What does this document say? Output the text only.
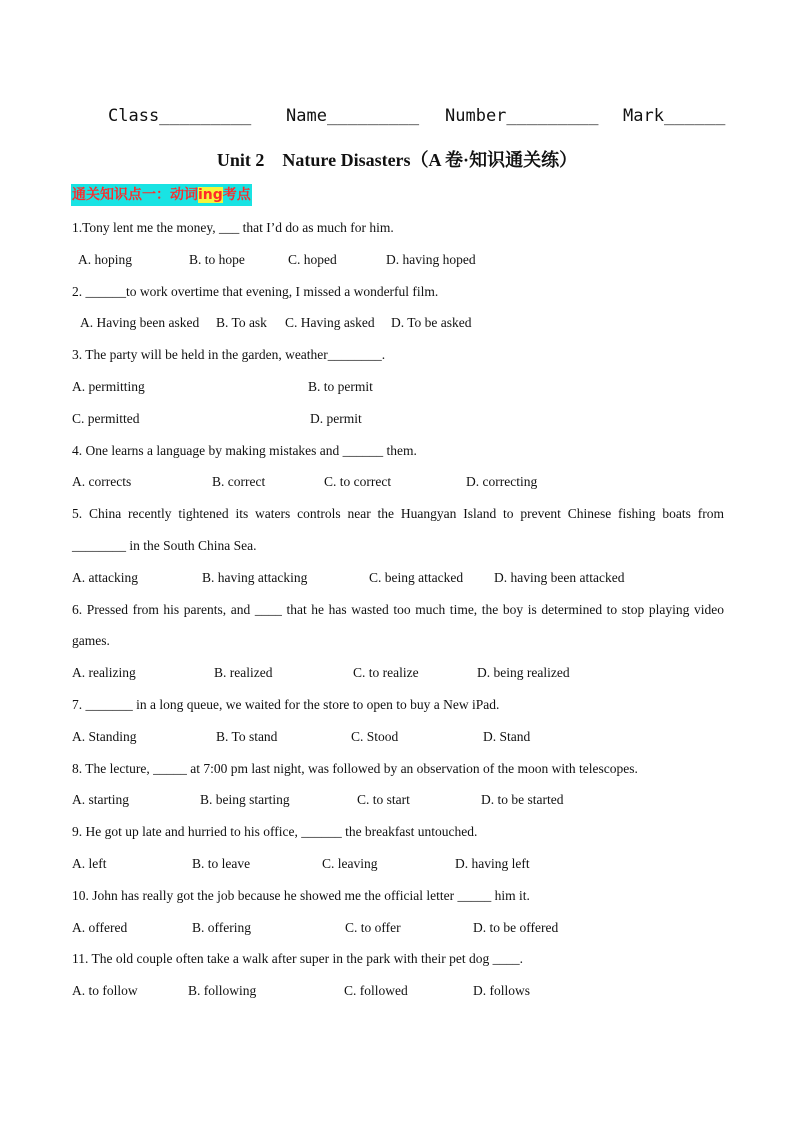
Class_________ Name_________ Number_________ Mark______
Unit 2　Nature Disasters（A 卷·知识通关练）
通关知识点一：动词ing考点
1.Tony lent me the money, ___ that I’d do as much for him.
A. hoping	B. to hope	C. hoped	D. having hoped
2. ______to work overtime that evening, I missed a wonderful film.
A. Having been asked B. To ask C. Having asked D. To be asked
3. The party will be held in the garden, weather________.
A. permitting	B. to permit
C. permitted	D. permit
4. One learns a language by making mistakes and ______ them.
A. corrects	B. correct	C. to correct	D. correcting
5. China recently tightened its waters controls near the Huangyan Island to prevent Chinese fishing boats from
________ in the South China Sea.
A. attacking	B. having attacking	C. being attacked D. having been attacked
6. Pressed from his parents, and ____ that he has wasted too much time, the boy is determined to stop playing video
games.
A. realizing	B. realized	C. to realize	D. being realized
7. _______ in a long queue, we waited for the store to open to buy a New iPad.
A. Standing	B. To stand	C. Stood	D. Stand
8. The lecture, _____ at 7:00 pm last night, was followed by an observation of the moon with telescopes.
A. starting	B. being starting	C. to start	D. to be started
9. He got up late and hurried to his office, ______ the breakfast untouched.
A. left	B. to leave	C. leaving	D. having left
10. John has really got the job because he showed me the official letter _____ him it.
A. offered	B. offering	C. to offer	D. to be offered
11. The old couple often take a walk after super in the park with their pet dog ____.
A. to follow	B. following	C. followed	D. follows
